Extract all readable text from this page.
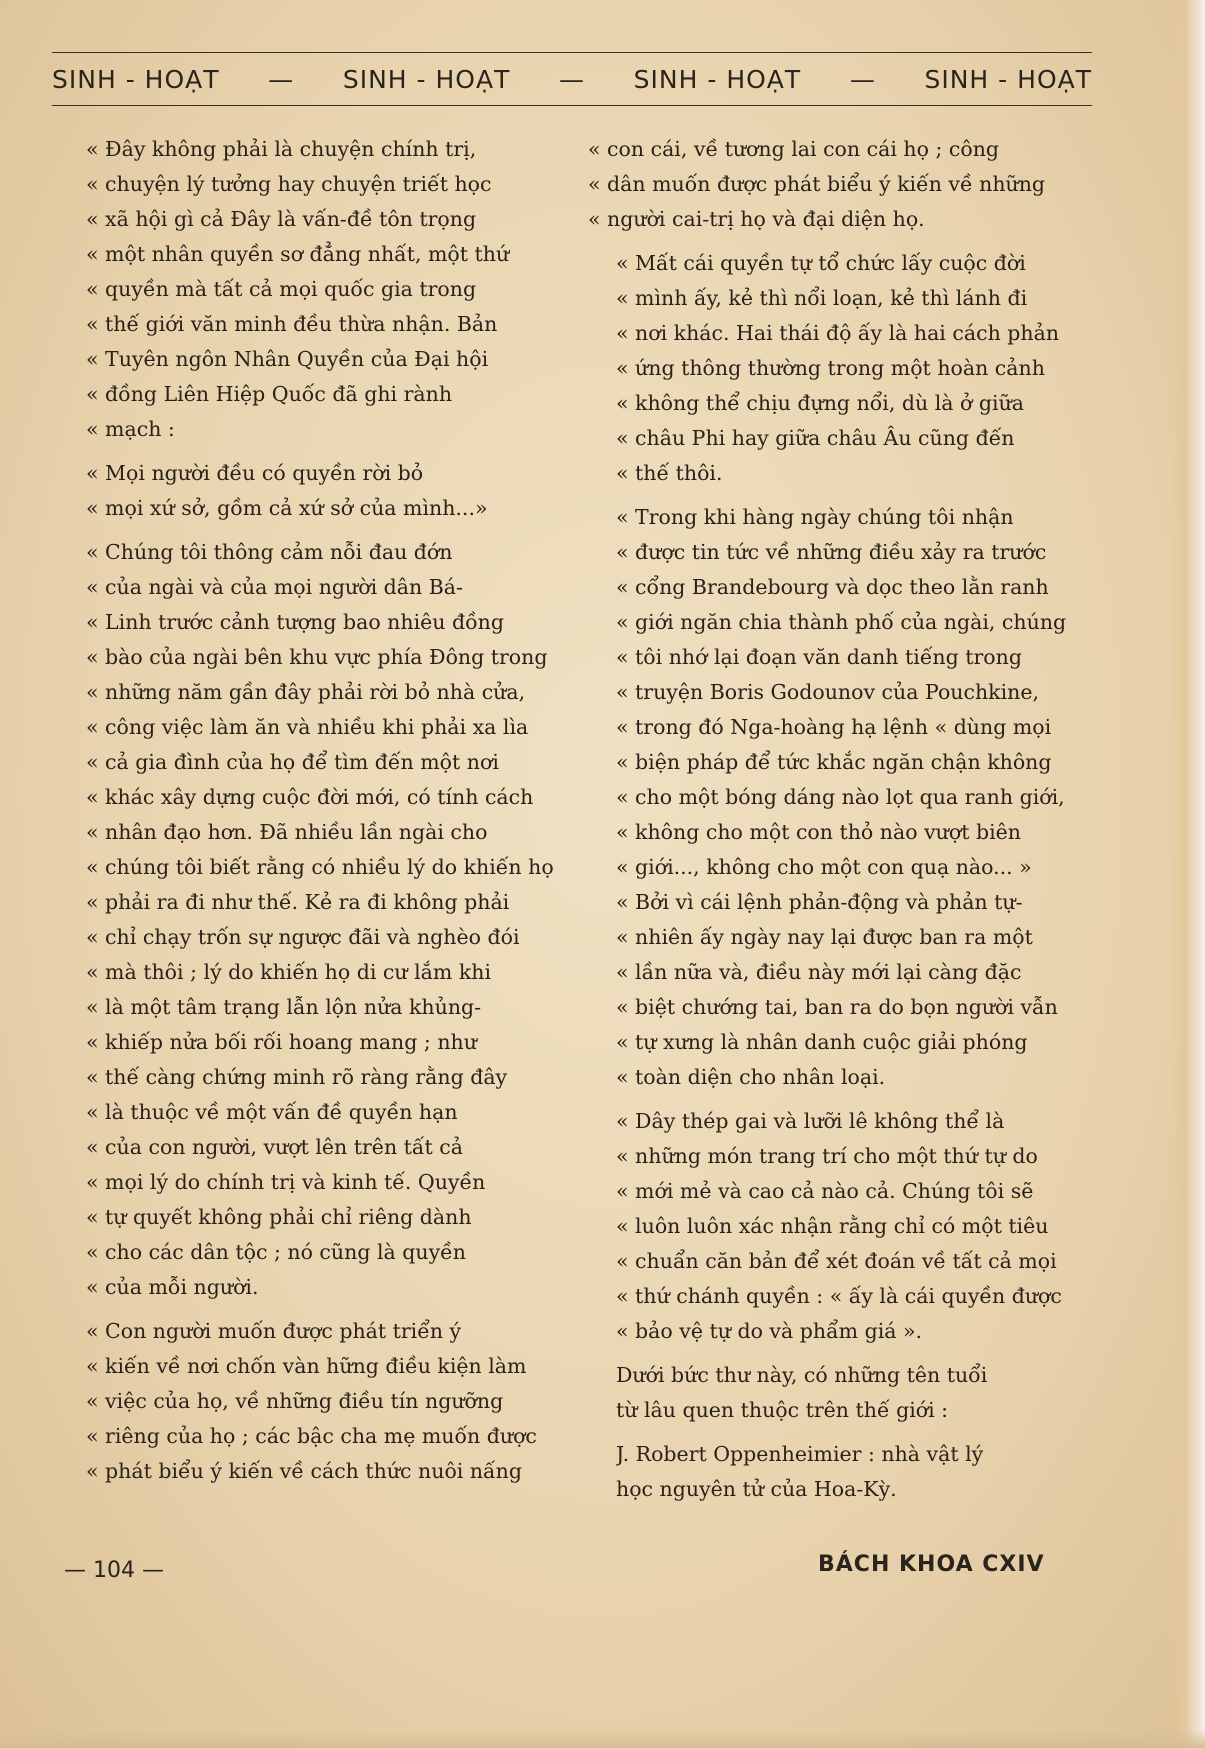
SINH - HOẠT — SINH - HOẠT — SINH - HOẠT — SINH - HOẠT

« Đây không phải là chuyện chính trị,
« chuyện lý tưởng hay chuyện triết học
« xã hội gì cả Đây là vấn-đề tôn trọng
« một nhân quyền sơ đẳng nhất, một thứ
« quyền mà tất cả mọi quốc gia trong
« thế giới văn minh đều thừa nhận. Bản
« Tuyên ngôn Nhân Quyền của Đại hội
« đồng Liên Hiệp Quốc đã ghi rành
« mạch :

« Mọi người đều có quyền rời bỏ
« mọi xứ sở, gồm cả xứ sở của mình...»

« Chúng tôi thông cảm nỗi đau đớn
« của ngài và của mọi người dân Bá-
« Linh trước cảnh tượng bao nhiêu đồng
« bào của ngài bên khu vực phía Đông trong
« những năm gần đây phải rời bỏ nhà cửa,
« công việc làm ăn và nhiều khi phải xa lìa
« cả gia đình của họ để tìm đến một nơi
« khác xây dựng cuộc đời mới, có tính cách
« nhân đạo hơn. Đã nhiều lần ngài cho
« chúng tôi biết rằng có nhiều lý do khiến họ
« phải ra đi như thế. Kẻ ra đi không phải
« chỉ chạy trốn sự ngược đãi và nghèo đói
« mà thôi ; lý do khiến họ di cư lắm khi
« là một tâm trạng lẫn lộn nửa khủng-
« khiếp nửa bối rối hoang mang ; như
« thế càng chứng minh rõ ràng rằng đây
« là thuộc về một vấn đề quyền hạn
« của con người, vượt lên trên tất cả
« mọi lý do chính trị và kinh tế. Quyền
« tự quyết không phải chỉ riêng dành
« cho các dân tộc ; nó cũng là quyền
« của mỗi người.

« Con người muốn được phát triển ý
« kiến về nơi chốn vàn hững điều kiện làm
« việc của họ, về những điều tín ngưỡng
« riêng của họ ; các bậc cha mẹ muốn được
« phát biểu ý kiến về cách thức nuôi nấng

« con cái, về tương lai con cái họ ; công
« dân muốn được phát biểu ý kiến về những
« người cai-trị họ và đại diện họ.

« Mất cái quyền tự tổ chức lấy cuộc đời
« mình ấy, kẻ thì nổi loạn, kẻ thì lánh đi
« nơi khác. Hai thái độ ấy là hai cách phản
« ứng thông thường trong một hoàn cảnh
« không thể chịu đựng nổi, dù là ở giữa
« châu Phi hay giữa châu Âu cũng đến
« thế thôi.

« Trong khi hàng ngày chúng tôi nhận
« được tin tức về những điều xảy ra trước
« cổng Brandebourg và dọc theo lằn ranh
« giới ngăn chia thành phố của ngài, chúng
« tôi nhớ lại đoạn văn danh tiếng trong
« truyện Boris Godounov của Pouchkine,
« trong đó Nga-hoàng hạ lệnh « dùng mọi
« biện pháp để tức khắc ngăn chận không
« cho một bóng dáng nào lọt qua ranh giới,
« không cho một con thỏ nào vượt biên
« giới..., không cho một con quạ nào... »
« Bởi vì cái lệnh phản-động và phản tự-
« nhiên ấy ngày nay lại được ban ra một
« lần nữa và, điều này mới lại càng đặc
« biệt chướng tai, ban ra do bọn người vẫn
« tự xưng là nhân danh cuộc giải phóng
« toàn diện cho nhân loại.

« Dây thép gai và lưỡi lê không thể là
« những món trang trí cho một thứ tự do
« mới mẻ và cao cả nào cả. Chúng tôi sẽ
« luôn luôn xác nhận rằng chỉ có một tiêu
« chuẩn căn bản để xét đoán về tất cả mọi
« thứ chánh quyền : « ấy là cái quyền được
« bảo vệ tự do và phẩm giá ».

Dưới bức thư này, có những tên tuổi
từ lâu quen thuộc trên thế giới :

J. Robert Oppenheimier : nhà vật lý
học nguyên tử của Hoa-Kỳ.

— 104 —	BÁCH KHOA CXIV
